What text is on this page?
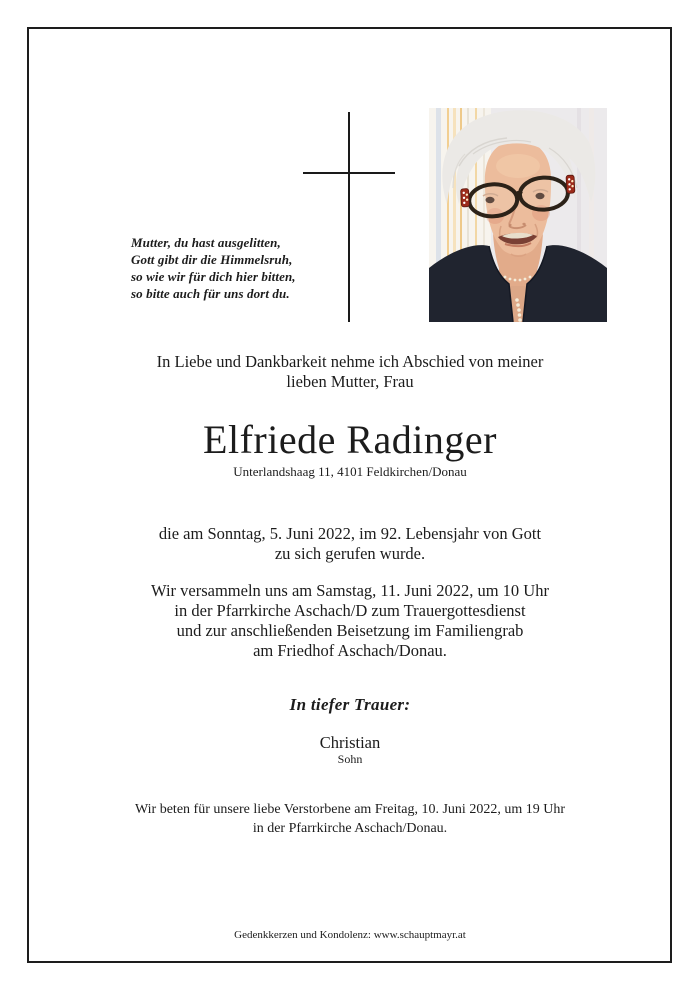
Mutter, du hast ausgelitten,
Gott gibt dir die Himmelsruh,
so wie wir für dich hier bitten,
so bitte auch für uns dort du.
In Liebe und Dankbarkeit nehme ich Abschied von meiner
lieben Mutter, Frau
Elfriede Radinger
Unterlandshaag 11, 4101 Feldkirchen/Donau
die am Sonntag, 5. Juni 2022, im 92. Lebensjahr von Gott
zu sich gerufen wurde.
Wir versammeln uns am Samstag, 11. Juni 2022, um 10 Uhr
in der Pfarrkirche Aschach/D zum Trauergottesdienst
und zur anschließenden Beisetzung im Familiengrab
am Friedhof Aschach/Donau.
In tiefer Trauer:
Christian
Sohn
Wir beten für unsere liebe Verstorbene am Freitag, 10. Juni 2022, um 19 Uhr
in der Pfarrkirche Aschach/Donau.
Gedenkkerzen und Kondolenz: www.schauptmayr.at
